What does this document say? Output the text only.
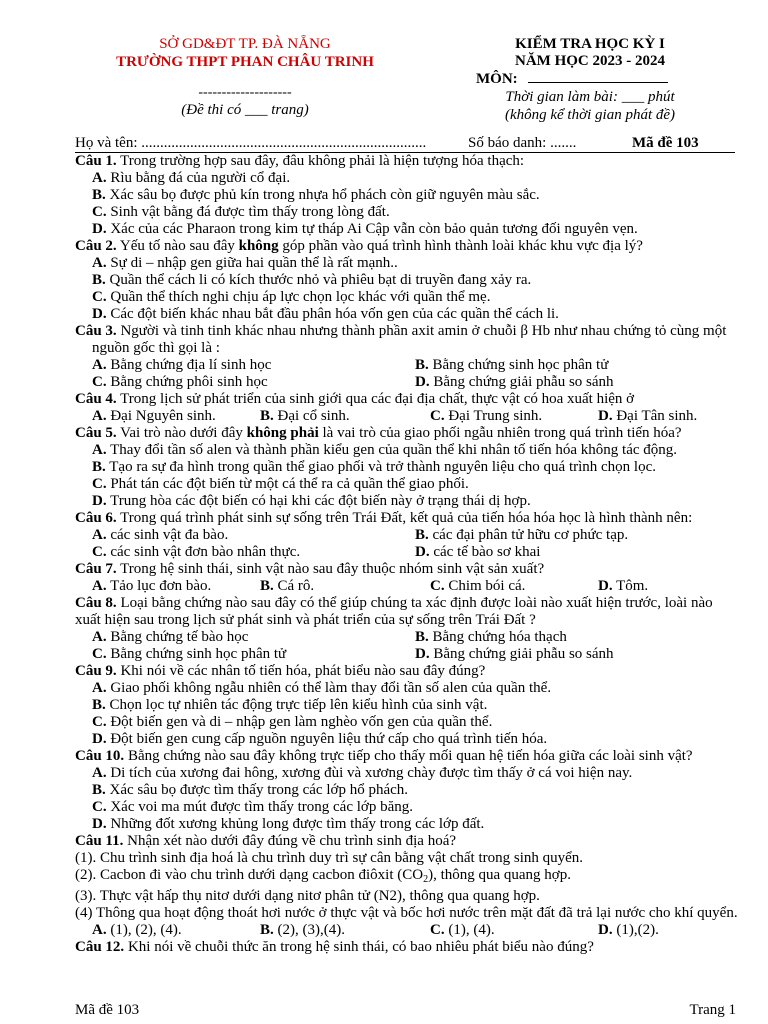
SỞ GD&ĐT TP. ĐÀ NẴNG
TRƯỜNG THPT PHAN CHÂU TRINH
--------------------
(Đề thi có ___ trang)
KIỂM TRA HỌC KỲ I
NĂM HỌC 2023 - 2024
MÔN:
Thời gian làm bài: ___ phút
(không kể thời gian phát đề)
Họ và tên: ............................................................................	Số báo danh: .......	Mã đề 103

Câu 1. Trong trường hợp sau đây, đâu không phải là hiện tượng hóa thạch:

A. Rìu bằng đá của người cổ đại.

B. Xác sâu bọ được phủ kín trong nhựa hổ phách còn giữ nguyên màu sắc.

C. Sinh vật bằng đá được tìm thấy trong lòng đất.

D. Xác của các Pharaon trong kim tự tháp Ai Cập vẫn còn bảo quản tương đối nguyên vẹn.

Câu 2. Yếu tố nào sau đây không góp phần vào quá trình hình thành loài khác khu vực địa lý?

A. Sự di – nhập gen giữa hai quần thể là rất mạnh..

B. Quần thể cách li có kích thước nhỏ và phiêu bạt di truyền đang xảy ra.

C. Quần thể thích nghi chịu áp lực chọn lọc khác với quần thể mẹ.

D. Các đột biến khác nhau bắt đầu phân hóa vốn gen của các quần thể cách li.

Câu 3. Người và tinh tinh khác nhau nhưng thành phần axit amin ở chuỗi β Hb như nhau chứng tỏ cùng một nguồn gốc thì gọi là :

A. Bằng chứng địa lí sinh học	B. Bằng chứng sinh học phân tử
C. Bằng chứng phôi sinh học	D. Bằng chứng giải phẫu so sánh

Câu 4. Trong lịch sử phát triển của sinh giới qua các đại địa chất, thực vật có hoa xuất hiện ở

A. Đại Nguyên sinh.	B. Đại cổ sinh.	C. Đại Trung sinh.	D. Đại Tân sinh.

Câu 5. Vai trò nào dưới đây không phải là vai trò của giao phối ngẫu nhiên trong quá trình tiến hóa?

A. Thay đổi tần số alen và thành phần kiểu gen của quần thể khi nhân tố tiến hóa không tác động.

B. Tạo ra sự đa hình trong quần thể giao phối và trở thành nguyên liệu cho quá trình chọn lọc.

C. Phát tán các đột biến từ một cá thể ra cả quần thể giao phối.

D. Trung hòa các đột biến có hại khi các đột biến này ở trạng thái dị hợp.

Câu 6. Trong quá trình phát sinh sự sống trên Trái Đất, kết quả của tiến hóa hóa học là hình thành nên:

A. các sinh vật đa bào.	B. các đại phân tử hữu cơ phức tạp.
C. các sinh vật đơn bào nhân thực.	D. các tế bào sơ khai

Câu 7. Trong hệ sinh thái, sinh vật nào sau đây thuộc nhóm sinh vật sản xuất?

A. Tảo lục đơn bào.	B. Cá rô.	C. Chim bói cá.	D. Tôm.

Câu 8. Loại bằng chứng nào sau đây có thể giúp chúng ta xác định được loài nào xuất hiện trước, loài nào xuất hiện sau trong lịch sử phát sinh và phát triển của sự sống trên Trái Đất ?

A. Bằng chứng tế bào học	B. Bằng chứng hóa thạch
C. Bằng chứng sinh học phân tử	D. Bằng chứng giải phẫu so sánh

Câu 9. Khi nói về các nhân tố tiến hóa, phát biểu nào sau đây đúng?

A. Giao phối không ngẫu nhiên có thể làm thay đổi tần số alen của quần thể.

B. Chọn lọc tự nhiên tác động trực tiếp lên kiểu hình của sinh vật.

C. Đột biến gen và di – nhập gen làm nghèo vốn gen của quần thể.

D. Đột biến gen cung cấp nguồn nguyên liệu thứ cấp cho quá trình tiến hóa.

Câu 10. Bằng chứng nào sau đây không trực tiếp cho thấy mối quan hệ tiến hóa giữa các loài sinh vật?

A. Di tích của xương đai hông, xương đùi và xương chày được tìm thấy ở cá voi hiện nay.

B. Xác sâu bọ được tìm thấy trong các lớp hổ phách.

C. Xác voi ma mút được tìm thấy trong các lớp băng.

D. Những đốt xương khủng long được tìm thấy trong các lớp đất.

Câu 11. Nhận xét nào dưới đây đúng về chu trình sinh địa hoá?

(1). Chu trình sinh địa hoá là chu trình duy trì sự cân bằng vật chất trong sinh quyển.

(2). Cacbon đi vào chu trình dưới dạng cacbon điôxit $(CO_2)$, thông qua quang hợp.

(3). Thực vật hấp thụ nitơ dưới dạng nitơ phân tử (N2), thông qua quang hợp.

(4) Thông qua hoạt động thoát hơi nước ở thực vật và bốc hơi nước trên mặt đất đã trả lại nước cho khí quyển.

A. (1), (2), (4).	B. (2), (3),(4).	C. (1), (4).	D. (1),(2).

Câu 12. Khi nói về chuỗi thức ăn trong hệ sinh thái, có bao nhiêu phát biểu nào đúng?

Mã đề 103	Trang 1
